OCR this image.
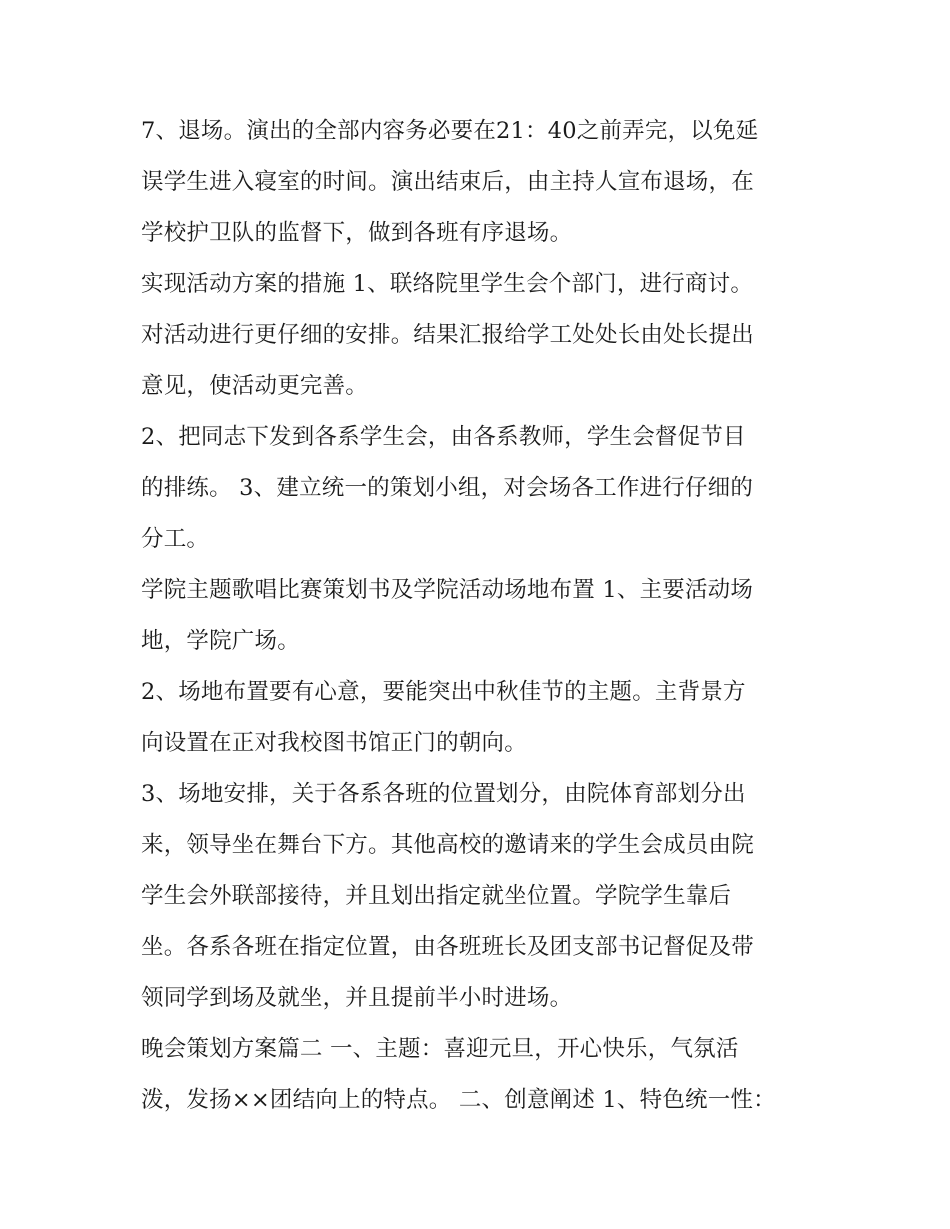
7、退场。演出的全部内容务必要在21：40之前弄完，以免延
误学生进入寝室的时间。演出结束后，由主持人宣布退场，在
学校护卫队的监督下，做到各班有序退场。
实现活动方案的措施 1、联络院里学生会个部门，进行商讨。
对活动进行更仔细的安排。结果汇报给学工处处长由处长提出
意见，使活动更完善。
2、把同志下发到各系学生会，由各系教师，学生会督促节目
的排练。 3、建立统一的策划小组，对会场各工作进行仔细的
分工。
学院主题歌唱比赛策划书及学院活动场地布置 1、主要活动场
地，学院广场。
2、场地布置要有心意，要能突出中秋佳节的主题。主背景方
向设置在正对我校图书馆正门的朝向。
3、场地安排，关于各系各班的位置划分，由院体育部划分出
来，领导坐在舞台下方。其他高校的邀请来的学生会成员由院
学生会外联部接待，并且划出指定就坐位置。学院学生靠后
坐。各系各班在指定位置，由各班班长及团支部书记督促及带
领同学到场及就坐，并且提前半小时进场。
晚会策划方案篇二 一、主题：喜迎元旦，开心快乐，气氛活
泼，发扬××团结向上的特点。 二、创意阐述 1、特色统一性：
